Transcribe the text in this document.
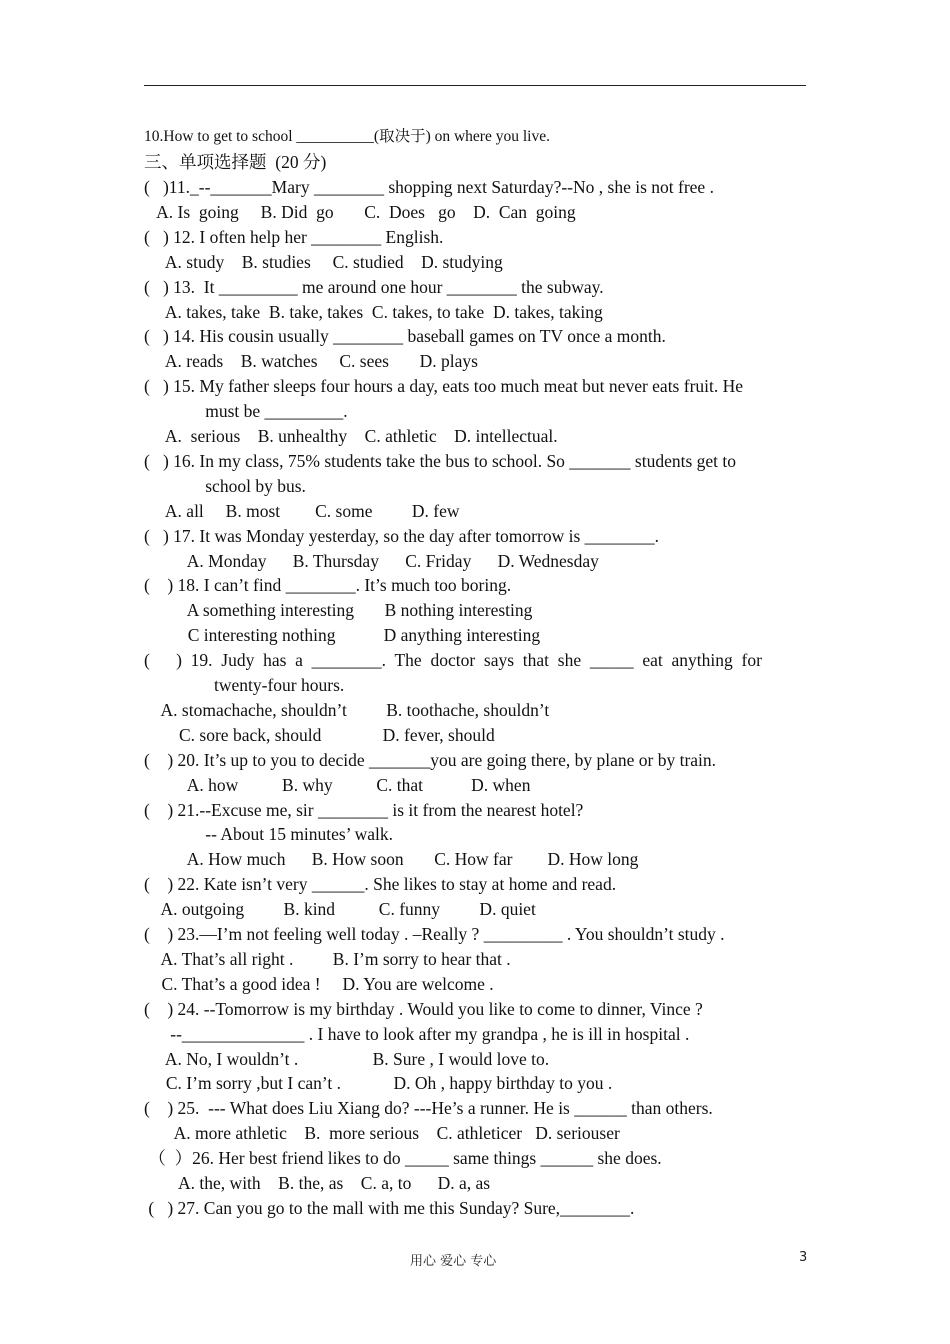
10.How to get to school __________(取决于) on where you live.
三、单项选择题  (20 分)
(   )11._--_______Mary ________ shopping next Saturday?--No , she is not free .
A. Is  going     B. Did  go       C.  Does   go    D.  Can  going
(   ) 12. I often help her ________ English.
A. study    B. studies     C. studied    D. studying
(   ) 13.  It _________ me around one hour ________ the subway.
A. takes, take  B. take, takes  C. takes, to take  D. takes, taking
(   ) 14. His cousin usually ________ baseball games on TV once a month.
A. reads    B. watches     C. sees       D. plays
(   ) 15. My father sleeps four hours a day, eats too much meat but never eats fruit. He
must be _________.
A.  serious    B. unhealthy    C. athletic    D. intellectual.
(   ) 16. In my class, 75% students take the bus to school. So _______ students get to
school by bus.
A. all     B. most        C. some         D. few
(   ) 17. It was Monday yesterday, so the day after tomorrow is ________.
A. Monday      B. Thursday      C. Friday      D. Wednesday
(    ) 18. I can’t find ________. It’s much too boring.
A something interesting       B nothing interesting
C interesting nothing           D anything interesting
(      )  19.  Judy  has  a  ________.  The  doctor  says  that  she  _____  eat  anything  for
twenty-four hours.
A. stomachache, shouldn’t         B. toothache, shouldn’t
C. sore back, should              D. fever, should
(    ) 20. It’s up to you to decide _______you are going there, by plane or by train.
A. how          B. why          C. that           D. when
(    ) 21.--Excuse me, sir ________ is it from the nearest hotel?
-- About 15 minutes’ walk.
A. How much      B. How soon       C. How far        D. How long
(    ) 22. Kate isn’t very ______. She likes to stay at home and read.
A. outgoing         B. kind          C. funny         D. quiet
(    ) 23.—I’m not feeling well today . –Really ? _________ . You shouldn’t study .
A. That’s all right .         B. I’m sorry to hear that .
C. That’s a good idea !     D. You are welcome .
(    ) 24. --Tomorrow is my birthday . Would you like to come to dinner, Vince ?
--______________ . I have to look after my grandpa , he is ill in hospital .
A. No, I wouldn’t .                 B. Sure , I would love to.
C. I’m sorry ,but I can’t .            D. Oh , happy birthday to you .
(    ) 25.  --- What does Liu Xiang do? ---He’s a runner. He is ______ than others.
A. more athletic    B.  more serious    C. athleticer   D. seriouser
（  ）26. Her best friend likes to do _____ same things ______ she does.
A. the, with    B. the, as    C. a, to      D. a, as
(   ) 27. Can you go to the mall with me this Sunday? Sure,________.
用心 爱心 专心	3
